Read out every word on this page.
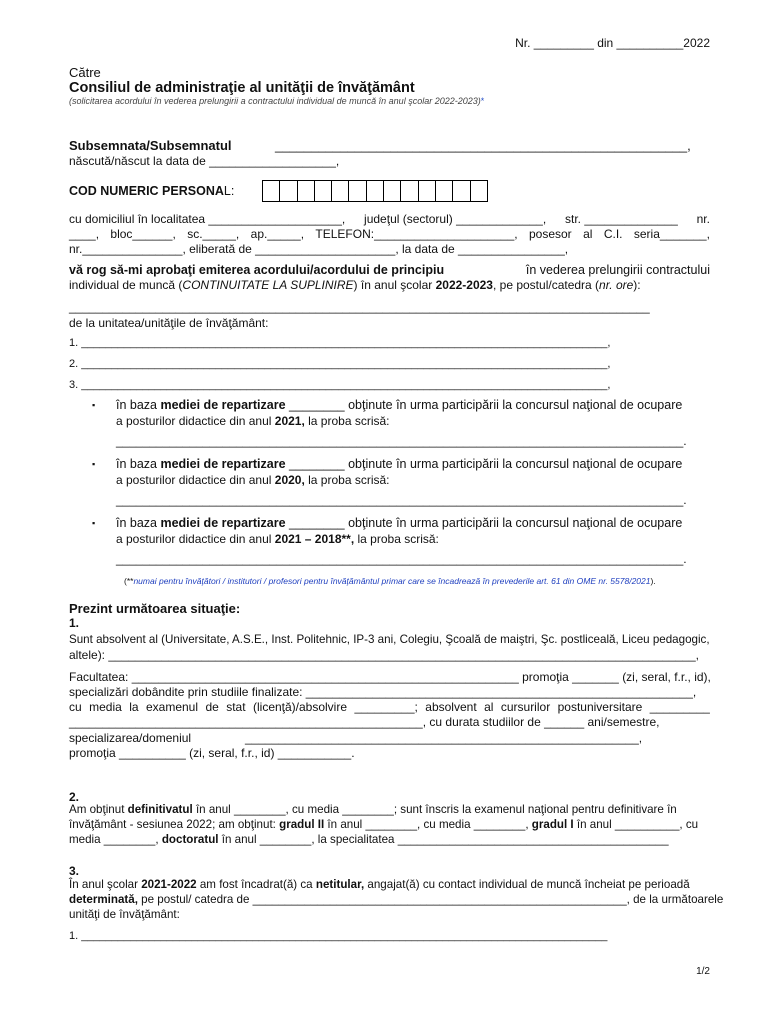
Nr. _________ din __________2022
Către
Consiliul de administraţie al unităţii de învăţământ
(solicitarea acordului în vederea prelungirii a contractului individual de muncă în anul şcolar 2022-2023)*
Subsemnata/Subsemnatul	_________________________________________________________,
născută/născut la data de ___________________,
COD NUMERIC PERSONAL:
cu domiciliul în localitatea ____________________, judeţul (sectorul) _____________, str. ______________ nr.
____, bloc______, sc._____, ap._____, TELEFON:_____________________, posesor al C.I. seria_______,
nr._______________, eliberată de _____________________, la data de ________________,
vă rog să-mi aprobaţi emiterea acordului/acordului de principiu	în vederea prelungirii contractului
individual de muncă (CONTINUITATE LA SUPLINIRE) în anul şcolar 2022-2023, pe postul/catedra (nr. ore):
_______________________________________________________________________________________
de la unitatea/unităţile de învăţământ:
1. ______________________________________________________________________________________,
2. ______________________________________________________________________________________,
3. ______________________________________________________________________________________,
▪ în baza mediei de repartizare ________ obţinute în urma participării la concursul naţional de ocupare
a posturilor didactice din anul 2021, la proba scrisă:
_____________________________________________________________________________________.
▪ în baza mediei de repartizare ________ obţinute în urma participării la concursul naţional de ocupare
a posturilor didactice din anul 2020, la proba scrisă:
_____________________________________________________________________________________.
▪ în baza mediei de repartizare ________ obţinute în urma participării la concursul naţional de ocupare
a posturilor didactice din anul 2021 – 2018**, la proba scrisă:
_____________________________________________________________________________________.
(**numai pentru învăţători / institutori / profesori pentru învăţământul primar care se încadrează în prevederile art. 61 din OME nr. 5578/2021).
Prezint următoarea situaţie:
1.
Sunt absolvent al (Universitate, A.S.E., Inst. Politehnic, IP-3 ani, Colegiu, Şcoală de maiştri, Şc. postliceală, Liceu pedagogic,
altele): ________________________________________________________________________________________,
Facultatea: __________________________________________________________ promoţia _______ (zi, seral, f.r., id),
specializări dobândite prin studiile finalizate: __________________________________________________________,
cu media la examenul de stat (licenţă)/absolvire _________; absolvent al cursurilor postuniversitare _________
_____________________________________________________, cu durata studiilor de ______ ani/semestre,
specializarea/domeniul	___________________________________________________________,
promoţia __________ (zi, seral, f.r., id) ___________.
2.
Am obţinut definitivatul în anul ________, cu media ________; sunt înscris la examenul naţional pentru definitivare în
învăţământ - sesiunea 2022; am obţinut: gradul II în anul ________, cu media ________, gradul I în anul __________, cu
media ________, doctoratul în anul ________, la specialitatea __________________________________________
3.
În anul şcolar 2021-2022 am fost încadrat(ă) ca netitular, angajat(ă) cu contact individual de muncă încheiat pe perioadă
determinată, pe postul/ catedra de __________________________________________________________, de la următoarele
unităţi de învăţământ:
1. ______________________________________________________________________________________
1/2
